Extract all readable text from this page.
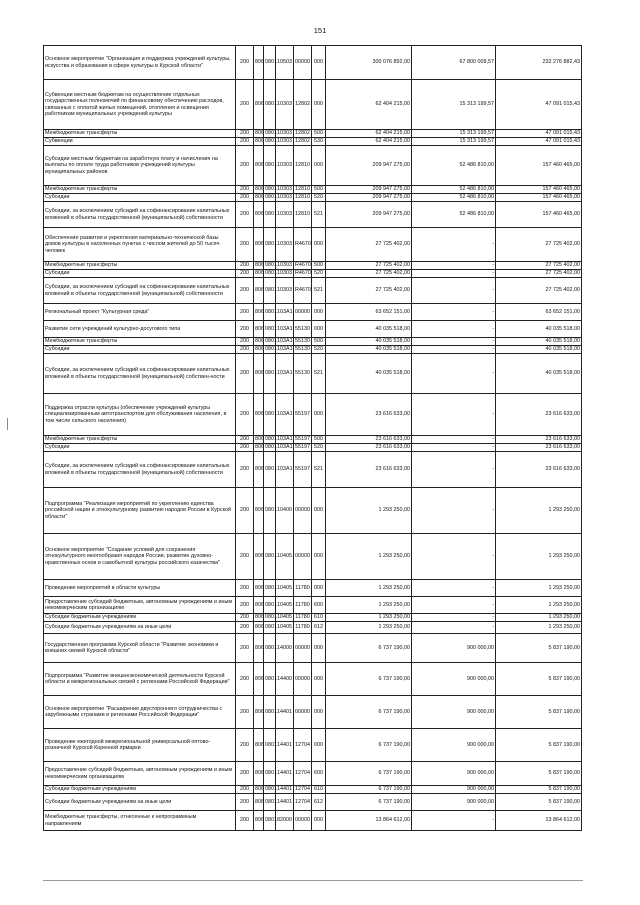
151
Основное мероприятие "Организация и поддержка учреждений культуры, искусства и образования в сфере культуры в Курской области"	200	806	0801	10503	00000	000	300 076 892,00	67 800 009,57	232 276 882,43
Субвенции местным бюджетам на осуществление отдельных государственных полномочий по финансовому обеспечению расходов, связанных с оплатой жилых помещений, отопления и освещения работникам муниципальных учреждений культуры	200	806	0801	10303	12802	000	62 404 215,00	15 313 199,57	47 091 015,43
Межбюджетные трансферты	200	806	0801	10303	12802	500	62 404 215,00	15 313 199,57	47 091 015,43
Субвенции	200	806	0801	10303	12802	530	62 404 215,00	15 313 199,57	47 091 015,43
Субсидии местным бюджетам на заработную плату и начисления на выплаты по оплате труда работников учреждений культуры муниципальных районов	200	806	0801	10303	12810	000	209 947 275,00	52 486 810,00	157 460 465,00
Межбюджетные трансферты	200	806	0801	10303	12810	500	209 947 275,00	52 486 810,00	157 460 465,00
Субсидии	200	806	0801	10303	12810	520	209 947 275,00	52 486 810,00	157 460 465,00
Субсидии, за исключением субсидий на софинансирование капитальных вложений в объекты государственной (муниципальной) собственности	200	806	0801	10303	12810	521	209 947 275,00	52 486 810,00	157 460 465,00
Обеспечение развития и укрепления материально-технической базы домов культуры в населенных пунктах с числом жителей до 50 тысяч человек	200	806	0801	10303	R4670	000	27 725 402,00	-	27 725 402,00
Межбюджетные трансферты	200	806	0801	10303	R4670	500	27 725 402,00	-	27 725 402,00
Субсидии	200	806	0801	10303	R4670	520	27 725 402,00	-	27 725 402,00
Субсидии, за исключением субсидий на софинансирование капитальных вложений в объекты государственной (муниципальной) собственности	200	806	0801	10303	R4670	521	27 725 402,00	-	27 725 402,00
Региональный проект "Культурная среда"	200	806	0801	103A1	00000	000	63 652 151,00	-	63 652 151,00
Развитие сети учреждений культурно-досугового типа	200	806	0801	103A1	55130	000	40 035 518,00	-	40 035 518,00
Межбюджетные трансферты	200	806	0801	103A1	55130	500	40 035 518,00	-	40 035 518,00
Субсидии	200	806	0801	103A1	55130	520	40 035 518,00	-	40 035 518,00
Субсидии, за исключением субсидий на софинансирование капитальных вложений в объекты государственной (муниципальной) собствен-ности	200	806	0801	103A1	55130	521	40 035 518,00	-	40 035 518,00
Поддержка отрасли культуры (обеспечение учреждений культуры специализированным автотранспортом для обслуживания населения, в том числе сельского населения)	200	806	0801	103A1	55197	000	23 616 633,00	-	23 616 633,00
Межбюджетные трансферты	200	806	0801	103A1	55197	500	23 616 633,00	-	23 616 633,00
Субсидии	200	806	0801	103A1	55197	520	23 616 633,00	-	23 616 633,00
Субсидии, за исключением субсидий на софинансирование капитальных вложений в объекты государственной (муниципальной) собственности	200	806	0801	103A1	55197	521	23 616 633,00	-	23 616 633,00
Подпрограмма "Реализация мероприятий по укреплению единства российской нации и этнокультурному развитию народов России в Курской области"	200	806	0801	10400	00000	000	1 293 250,00	-	1 293 250,00
Основное мероприятие "Создание условий для сохранения этнокультурного многообразия народов России, развитие духовно-нравственных основ и самобытной культуры российского казачества"	200	806	0801	10405	00000	000	1 293 250,00	-	1 293 250,00
Проведение мероприятий в области культуры	200	806	0801	10405	11780	000	1 293 250,00	-	1 293 250,00
Предоставление субсидий бюджетным, автономным учреждениям и иным некоммерческим организациям	200	806	0801	10405	11780	600	1 293 250,00	-	1 293 250,00
Субсидии бюджетным учреждениям	200	806	0801	10405	11780	610	1 293 250,00	-	1 293 250,00
Субсидии бюджетным учреждениям на иные цели	200	806	0801	10405	11780	612	1 293 250,00	-	1 293 250,00
Государственная программа Курской области "Развитие экономики и внешних связей Курской области"	200	806	0801	14000	00000	000	6 737 190,00	900 000,00	5 837 190,00
Подпрограмма "Развитие внешнеэкономической деятельности Курской области и межрегиональных связей с регионами Российской Федерации"	200	806	0801	14400	00000	000	6 737 190,00	900 000,00	5 837 190,00
Основное мероприятие "Расширение двустороннего сотрудничества с зарубежными странами и регионами Российской Федерации"	200	806	0801	14401	00000	000	6 737 190,00	900 000,00	5 837 190,00
Проведение ежегодной межрегиональной универсальной оптово-розничной Курской Коренной ярмарки	200	806	0801	14401	12704	000	6 737 190,00	900 000,00	5 837 190,00
Предоставление субсидий бюджетным, автономным учреждениям и иным некоммерческим организациям	200	806	0801	14401	12704	600	6 737 190,00	900 000,00	5 837 190,00
Субсидии бюджетным учреждениям	200	806	0801	14401	12704	610	6 737 190,00	900 000,00	5 837 190,00
Субсидии бюджетным учреждениям на иные цели	200	806	0801	14401	12704	612	6 737 190,00	900 000,00	5 837 190,00
Межбюджетные трансферты, отнесенные к непрограммным направлениям	200	806	0801	82000	00000	000	13 864 612,00	-	13 864 612,00
